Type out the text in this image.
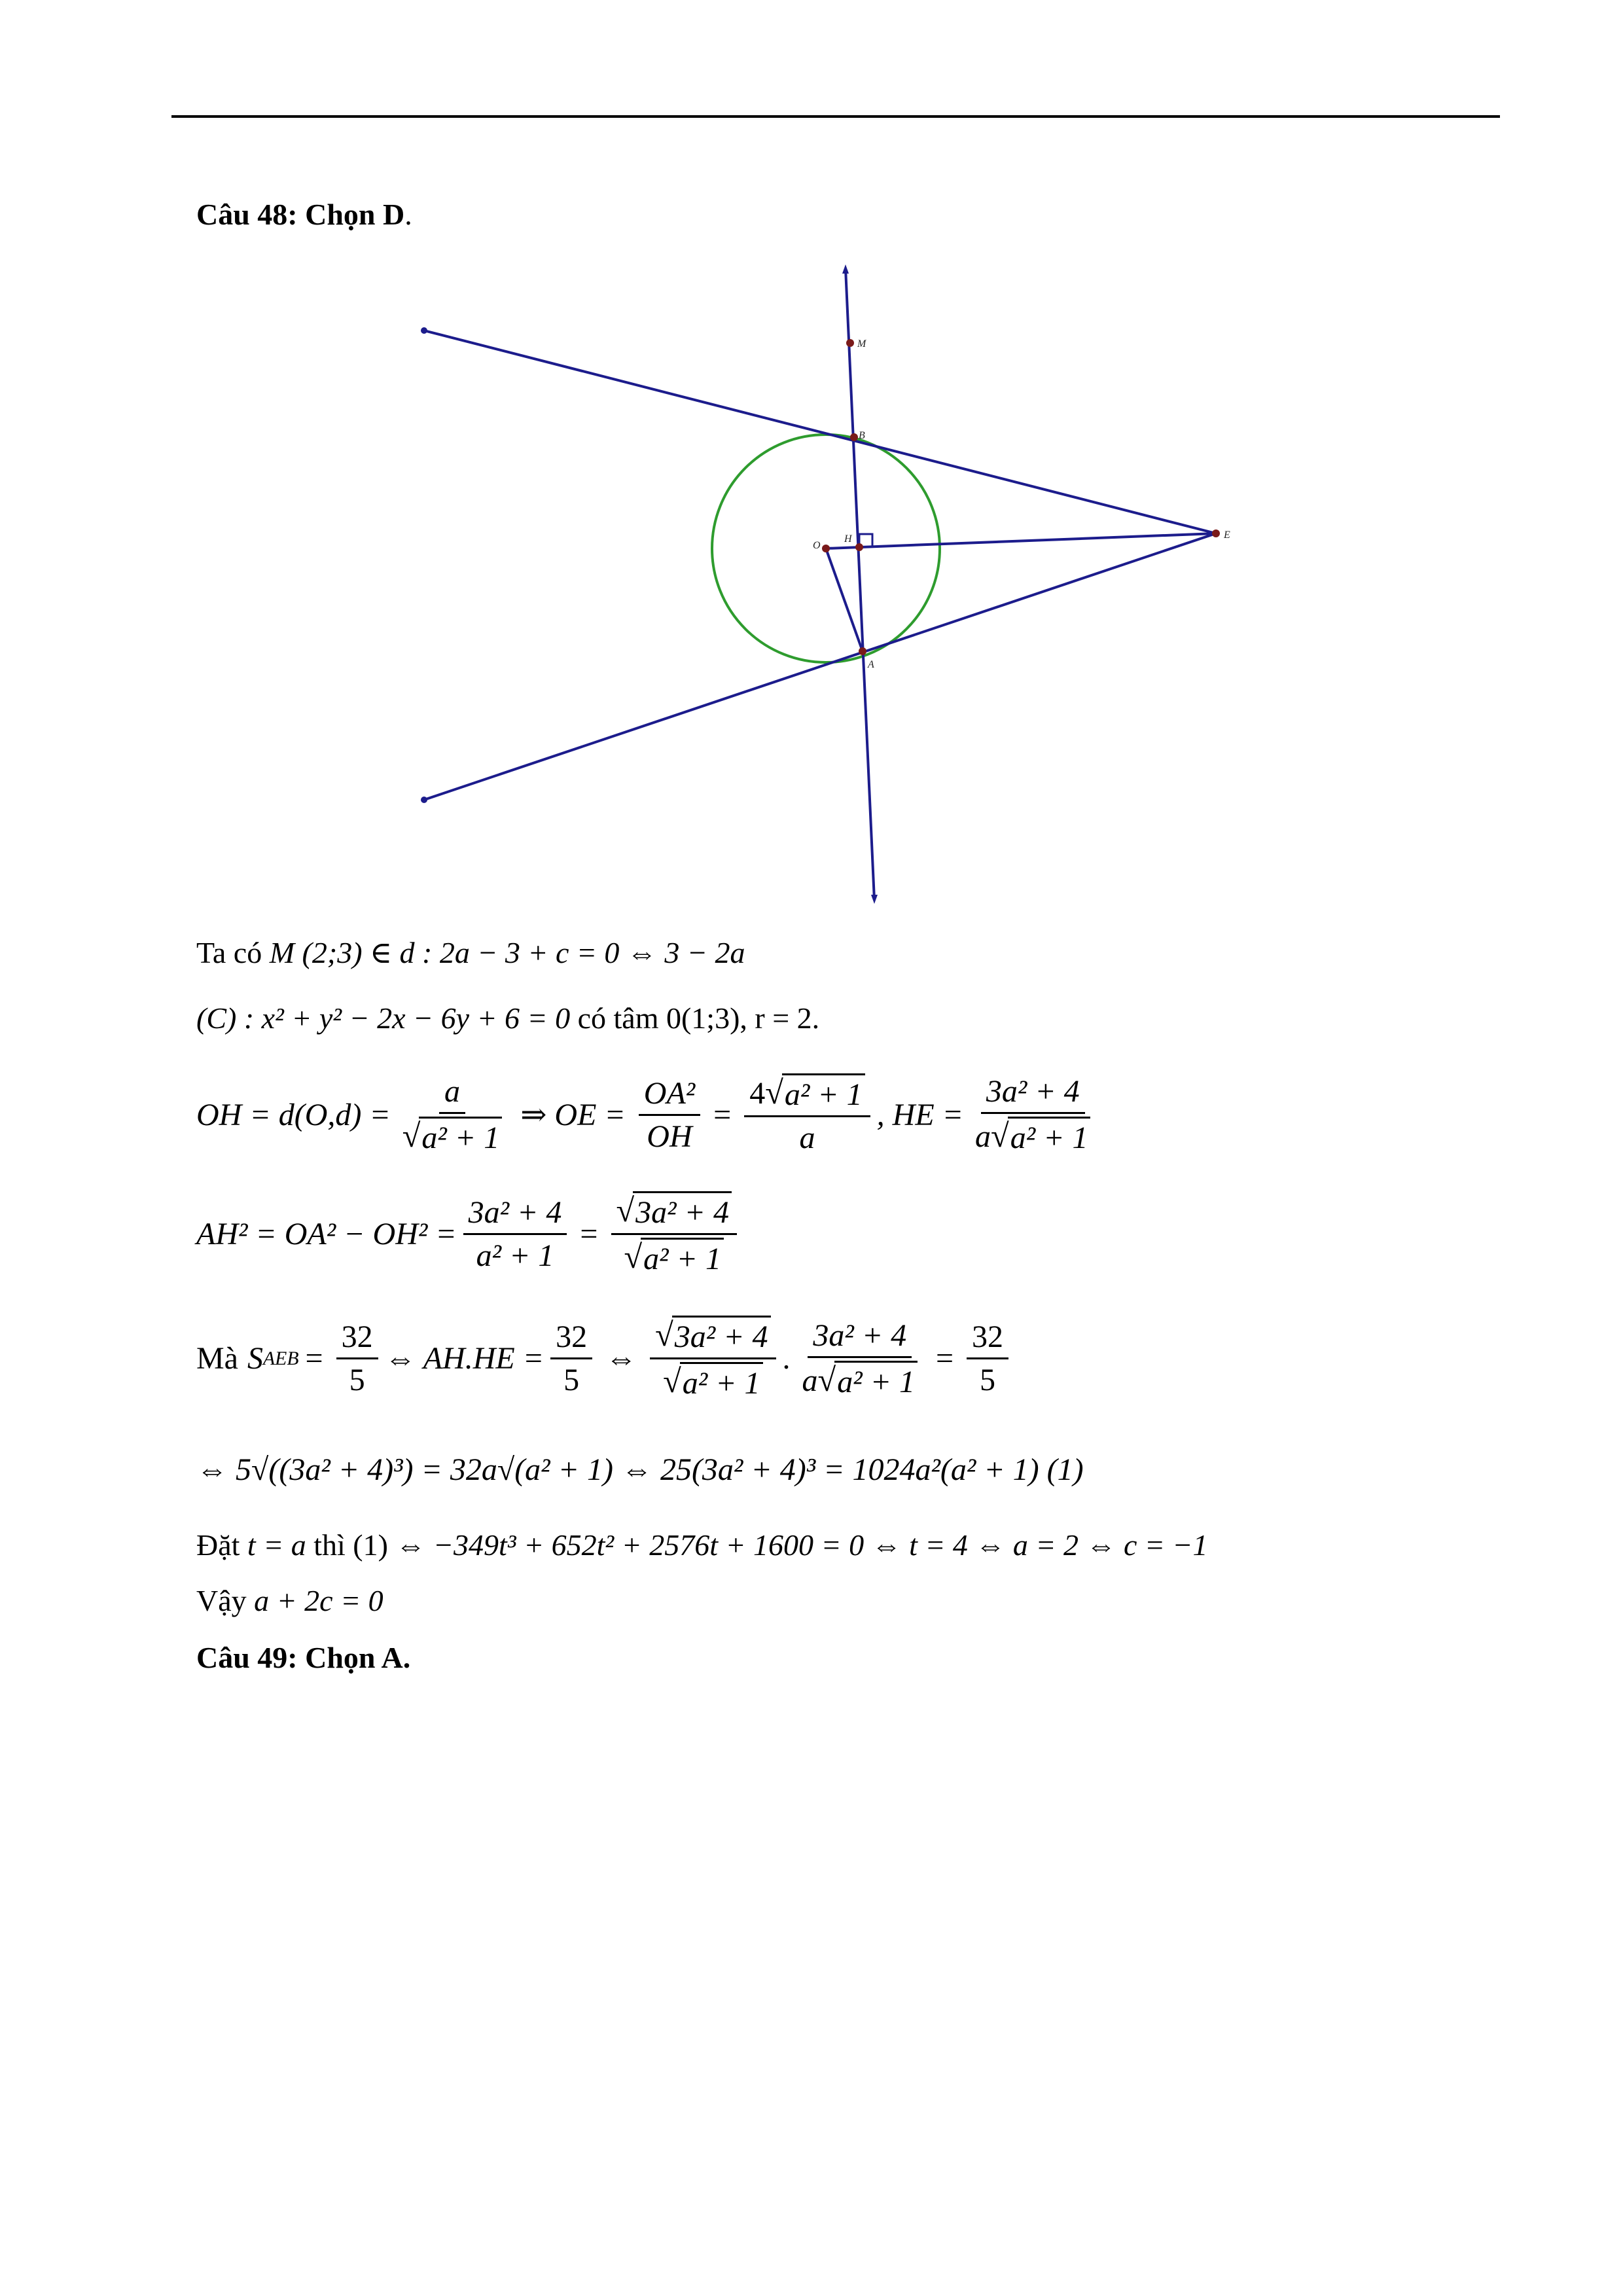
Câu 48: Chọn D.
M
B
O
H	E
A
Ta có M (2;3) ∈ d : 2a − 3 + c = 0 ⇔ 3 − 2a
(C) : x² + y² − 2x − 6y + 6 = 0 có tâm 0(1;3), r = 2.
OH = $d(O,d) = \frac{a}{\text{√ a² + 1}}$ ⇒ OE = $\frac{\text{OA²}}{OH} = \frac{\text{4 √ a² + 1}}{a}$ , HE = $\frac{\text{3a² + 4}}{\text{a √ a² + 1}}$
$AH^2 = OA^2 - OH^2 = \frac{\text{3a² + 4}}{\text{a² + 1}} = \frac{\text{√ 3a² + 4}}{\text{√ a² + 1}}$
Mà S AEB = $\frac{32}{5}$ ⇔ $AH.HE = \frac{32}{5}$ ⇔ $\frac{\text{√ 3a² + 4}}{\text{√ a² + 1}}$ . $\frac{\text{3a² + 4}}{\text{a √ a² + 1}} = \frac{32}{5}$
⇔ 5√((3a² + 4)³) = 32a√(a² + 1) ⇔ 25(3a² + 4)³ = 1024a²(a² + 1) (1)
Đặt t = a thì (1) ⇔ −349t³ + 652t² + 2576t + 1600 = 0 ⇔ t = 4 ⇔ a = 2 ⇔ c = −1
Vậy a + 2c = 0
Câu 49: Chọn A.
